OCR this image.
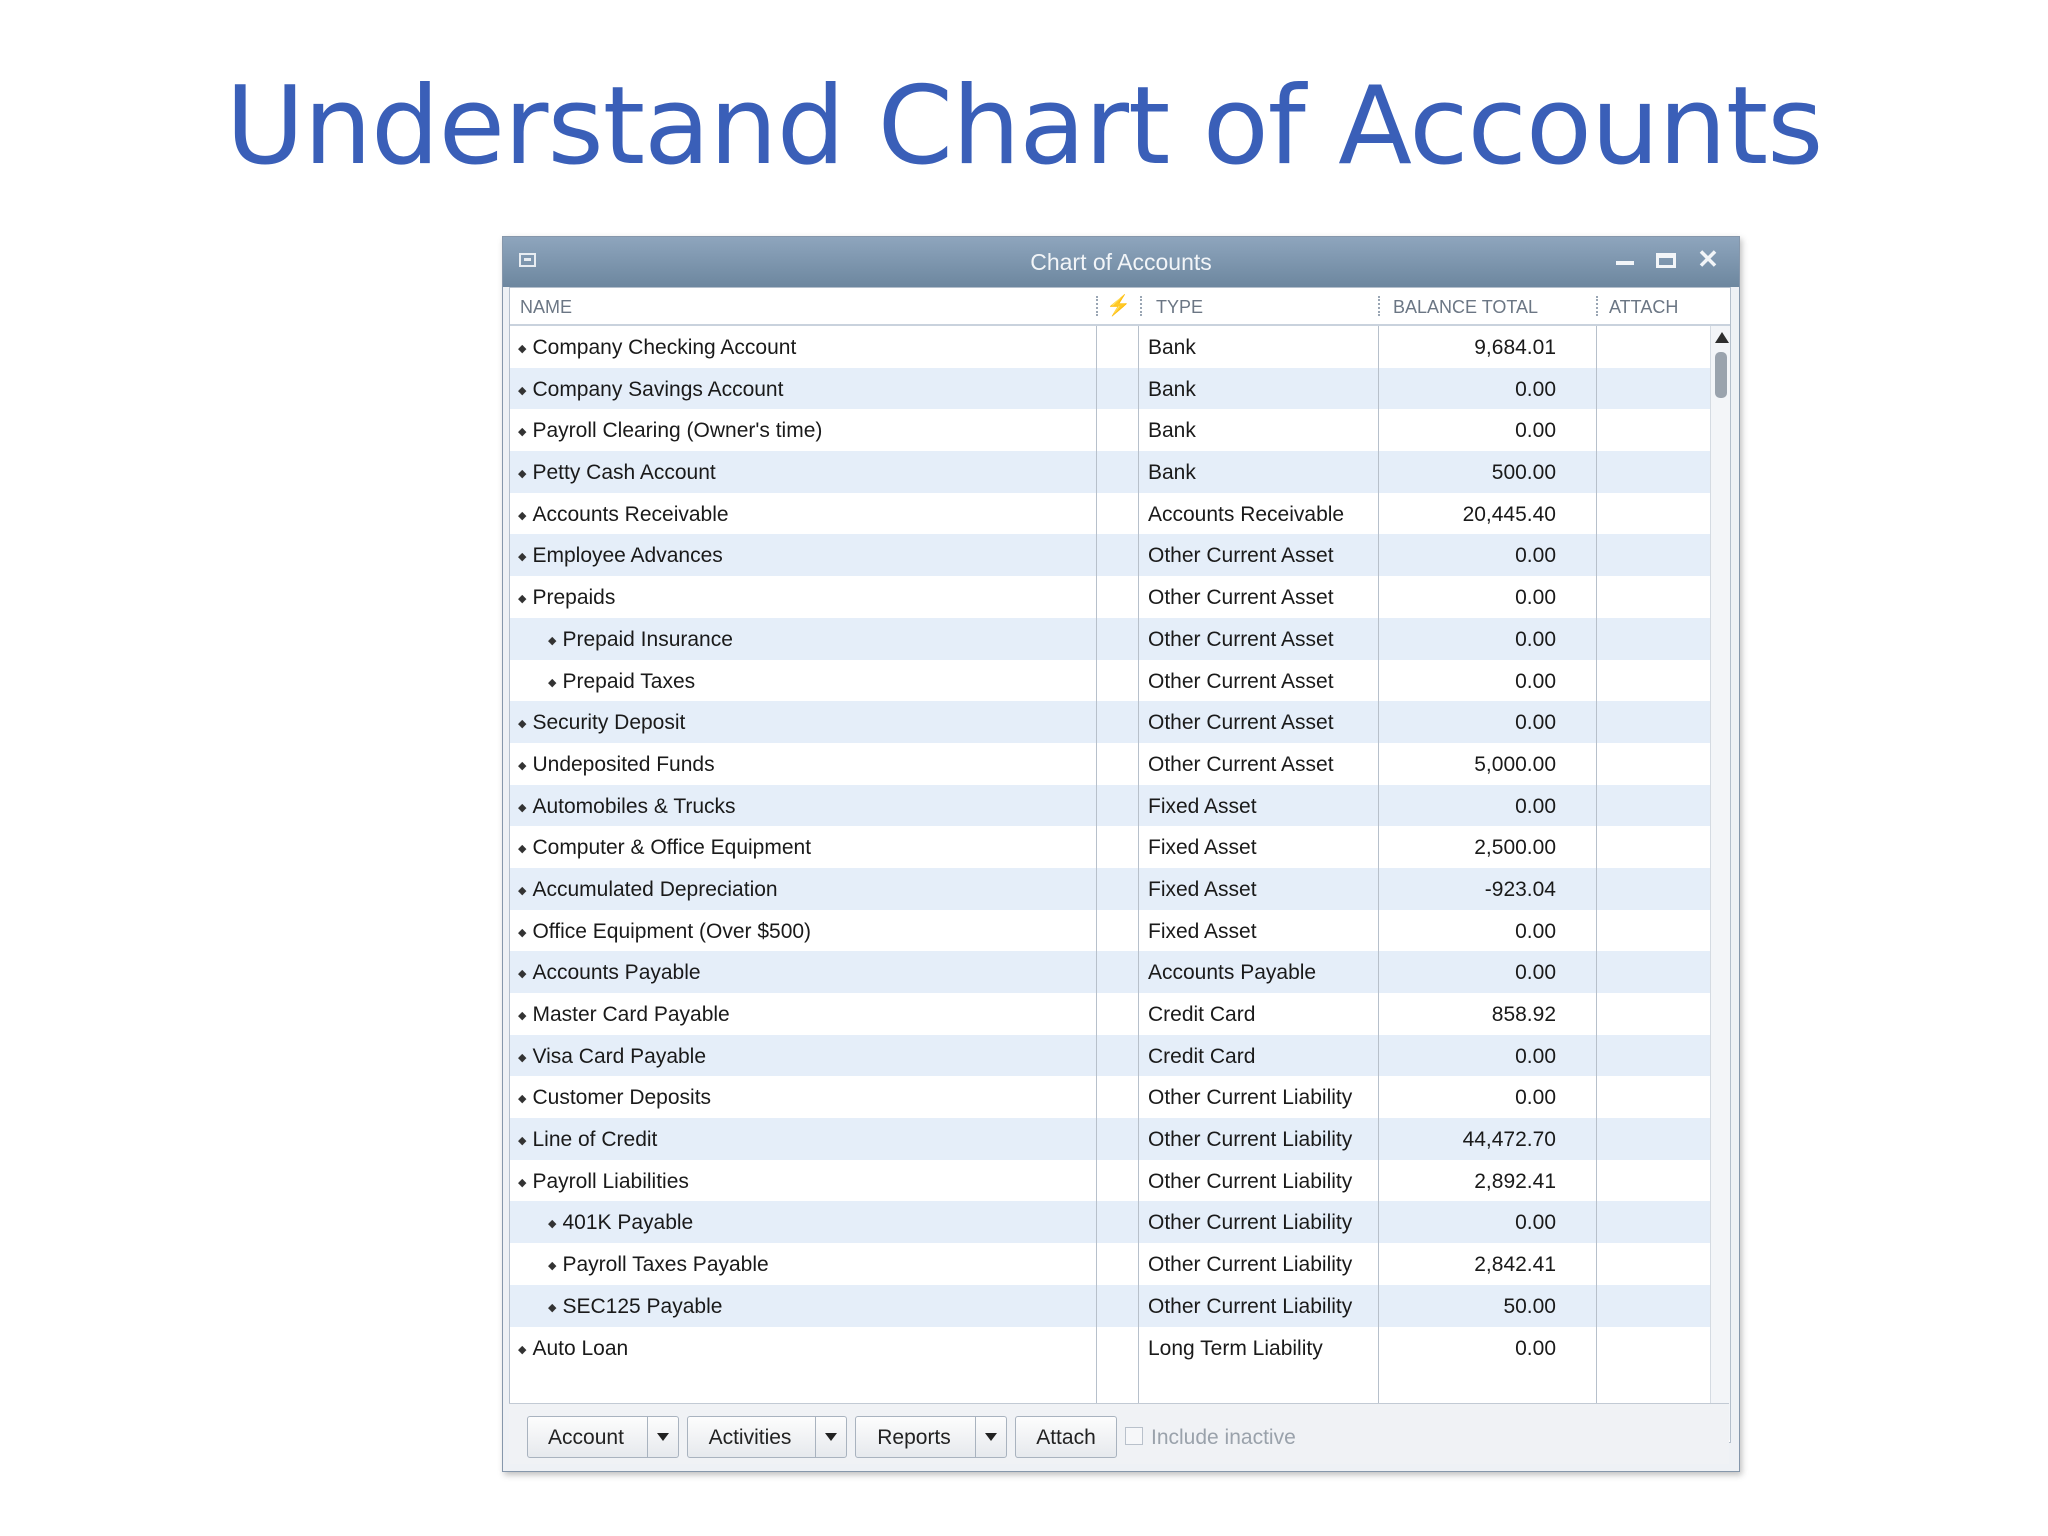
Understand Chart of Accounts
Chart of Accounts	✕
NAME	⚡ TYPE	BALANCE TOTAL	ATTACH
◆ Company Checking Account	Bank	9,684.01
◆ Company Savings Account	Bank	0.00
◆ Payroll Clearing (Owner's time)	Bank	0.00
◆ Petty Cash Account	Bank	500.00
◆ Accounts Receivable	Accounts Receivable	20,445.40
◆ Employee Advances	Other Current Asset	0.00
◆ Prepaids	Other Current Asset	0.00
◆ Prepaid Insurance	Other Current Asset	0.00
◆ Prepaid Taxes	Other Current Asset	0.00
◆ Security Deposit	Other Current Asset	0.00
◆ Undeposited Funds	Other Current Asset	5,000.00
◆ Automobiles & Trucks	Fixed Asset	0.00
◆ Computer & Office Equipment	Fixed Asset	2,500.00
◆ Accumulated Depreciation	Fixed Asset	-923.04
◆ Office Equipment (Over $500)	Fixed Asset	0.00
◆ Accounts Payable	Accounts Payable	0.00
◆ Master Card Payable	Credit Card	858.92
◆ Visa Card Payable	Credit Card	0.00
◆ Customer Deposits	Other Current Liability	0.00
◆ Line of Credit	Other Current Liability	44,472.70
◆ Payroll Liabilities	Other Current Liability	2,892.41
◆ 401K Payable	Other Current Liability	0.00
◆ Payroll Taxes Payable	Other Current Liability	2,842.41
◆ SEC125 Payable	Other Current Liability	50.00
◆ Auto Loan	Long Term Liability	0.00
Account	Activities	Reports	Attach	Include inactive
